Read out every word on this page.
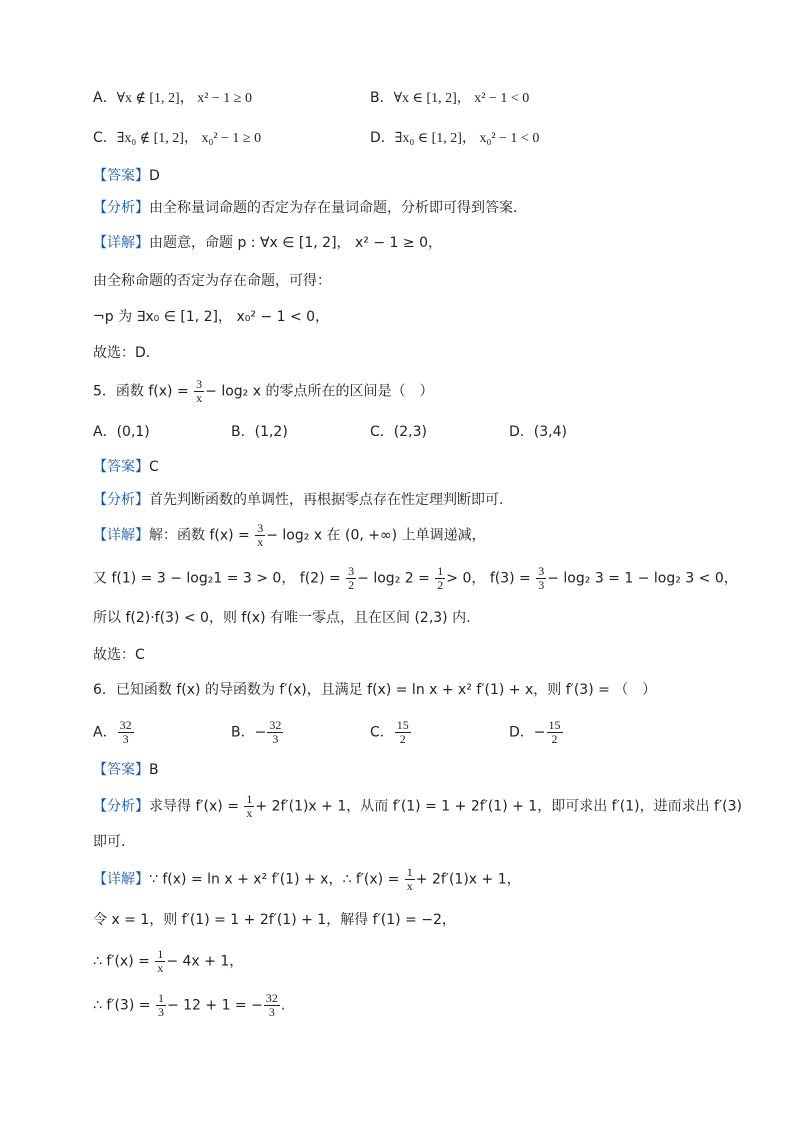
A．∀x ∉ [1, 2]， x² − 1 ≥ 0	B．∀x ∈ [1, 2]， x² − 1 < 0
C．∃x₀ ∉ [1, 2]， x₀² − 1 ≥ 0	D．∃x₀ ∈ [1, 2]， x₀² − 1 < 0
【答案】D
【分析】由全称量词命题的否定为存在量词命题，分析即可得到答案．
【详解】由题意，命题 p : ∀x ∈ [1, 2]， x² − 1 ≥ 0，
由全称命题的否定为存在命题，可得：
¬p 为 ∃x₀ ∈ [1, 2]， x₀² − 1 < 0，
故选：D．
5．函数 $f(x) = \frac{3}{x} - \log_2$ x 的零点所在的区间是（　）
A．(0,1)	B．(1,2)	C．(2,3)	D．(3,4)
【答案】C
【分析】首先判断函数的单调性，再根据零点存在性定理判断即可.
【详解】解：函数 $f(x) = \frac{3}{x} - \log_2$ x 在 (0, +∞) 上单调递减，
又 f(1) = 3 − log₂1 = 3 > 0， $f(2) = \frac{3}{2} - \log_2$ $2 = \frac{1}{2} > 0$， $f(3) = \frac{3}{3} - \log_2$ 3 = 1 − log₂ 3 < 0，
所以 f(2)·f(3) < 0，则 f(x) 有唯一零点，且在区间 (2,3) 内.
故选：C
6．已知函数 f(x) 的导函数为 f′(x)，且满足 f(x) = ln x + x² f′(1) + x，则 f′(3) = （　）
A． $\frac{32}{3}$	B．− $\frac{32}{3}$	C． $\frac{15}{2}$	D．− $\frac{15}{2}$
【答案】B
【分析】求导得 $f'(x) = \frac{1}{x} + 2f'(1)x + 1$，从而 f′(1) = 1 + 2f′(1) + 1，即可求出 f′(1)，进而求出 f′(3)
即可.
【详解】∵ f(x) = ln x + x² f′(1) + x，∴ $f'(x) = \frac{1}{x} + 2f'(1)x + 1$，
令 x = 1，则 f′(1) = 1 + 2f′(1) + 1，解得 f′(1) = −2，
∴ $f'(x) = \frac{1}{x} - 4x + 1$，
∴ $f'(3) = \frac{1}{3} - 12 + 1$ = − $\frac{32}{3}$ .
